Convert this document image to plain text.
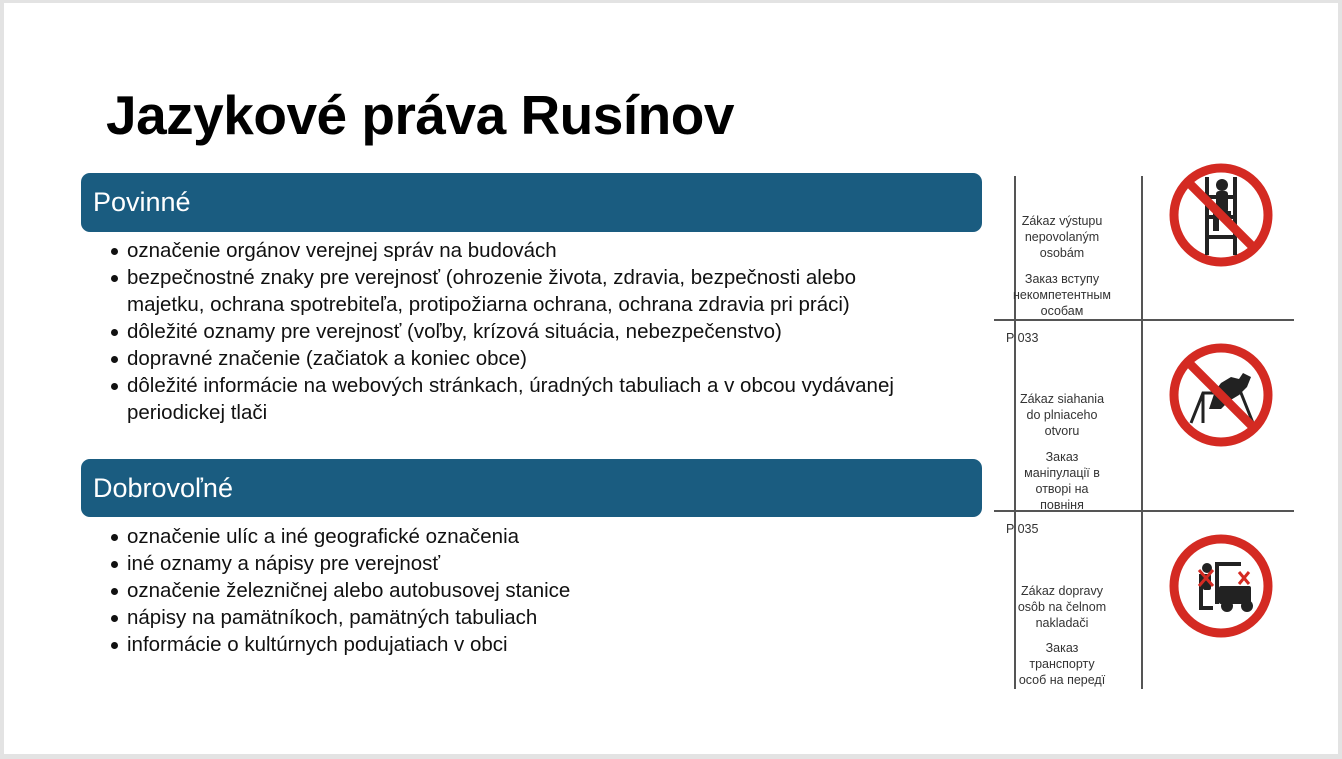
Jazykové práva Rusínov
Povinné
označenie orgánov verejnej správ na budovách
bezpečnostné znaky pre verejnosť (ohrozenie života, zdravia, bezpečnosti alebo majetku, ochrana spotrebiteľa, protipožiarna ochrana, ochrana zdravia pri práci)
dôležité oznamy pre verejnosť (voľby, krízová situácia, nebezpečenstvo)
dopravné značenie (začiatok a koniec obce)
dôležité informácie na webových stránkach, úradných tabuliach a v obcou vydávanej periodickej tlači
Dobrovoľné
označenie ulíc a iné geografické označenia
iné oznamy a nápisy pre verejnosť
označenie železničnej alebo autobusovej stanice
nápisy na pamätníkoch, pamätných tabuliach
informácie o kultúrnych podujatiach v obci
Zákaz výstupu
nepovolaným
osobám
Заказ вступу
некомпетентным
особам
P 033
Zákaz siahania
do plniaceho
otvoru
Заказ
маніпулації в
отворі на
повніня
P 035
Zákaz dopravy
osôb na čelnom
nakladači
Заказ
транспорту
особ на передї
